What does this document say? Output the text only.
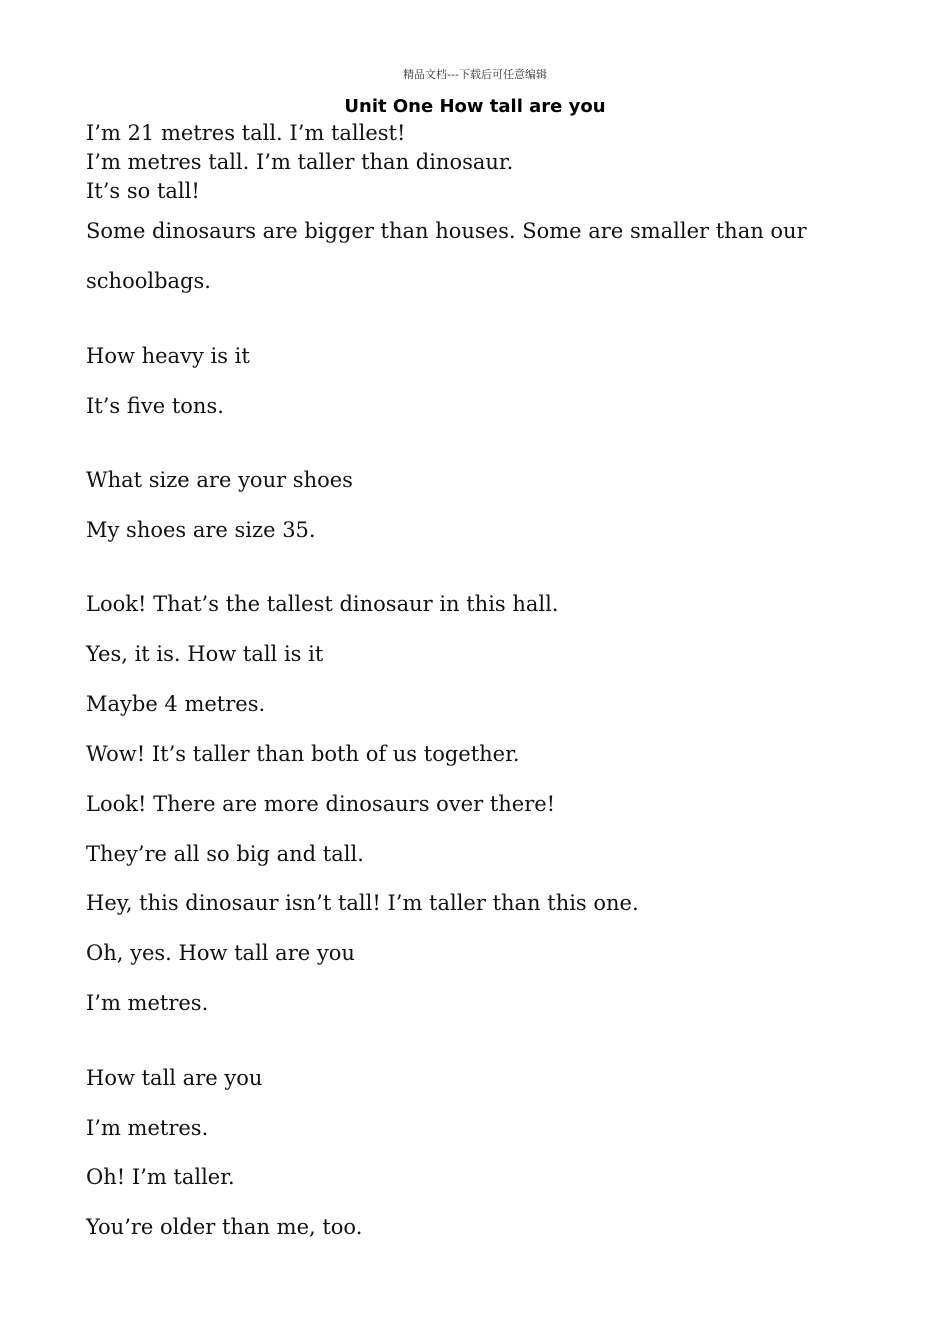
精品文档---下载后可任意编辑
Unit One How tall are you
I’m 21 metres tall. I’m tallest!
I’m metres tall. I’m taller than dinosaur.
It’s so tall!
Some dinosaurs are bigger than houses. Some are smaller than our
schoolbags.
How heavy is it
It’s five tons.
What size are your shoes
My shoes are size 35.
Look! That’s the tallest dinosaur in this hall.
Yes, it is. How tall is it
Maybe 4 metres.
Wow! It’s taller than both of us together.
Look! There are more dinosaurs over there!
They’re all so big and tall.
Hey, this dinosaur isn’t tall! I’m taller than this one.
Oh, yes. How tall are you
I’m metres.
How tall are you
I’m metres.
Oh! I’m taller.
You’re older than me, too.
